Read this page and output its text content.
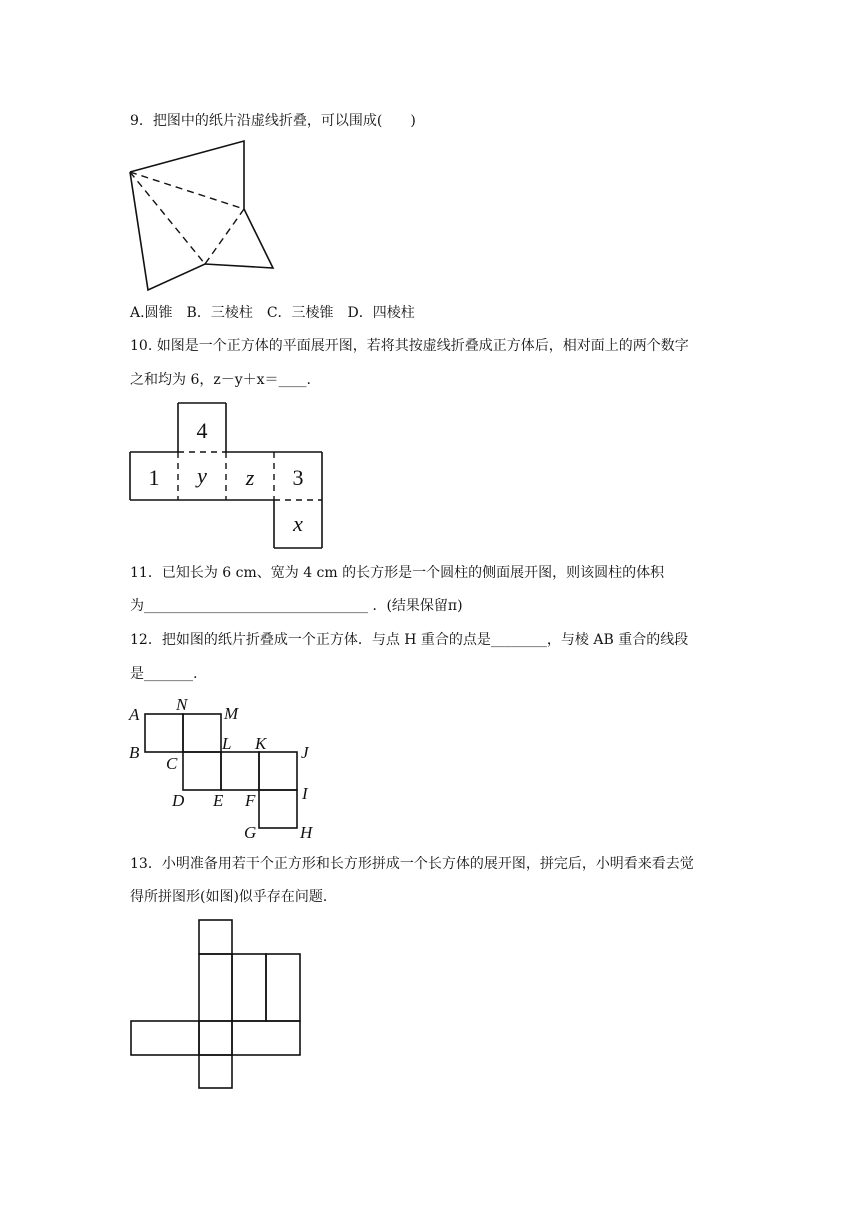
9．把图中的纸片沿虚线折叠，可以围成(　　)
A.圆锥　B．三棱柱　C．三棱锥　D．四棱柱
10. 如图是一个正方体的平面展开图，若将其按虚线折叠成正方体后，相对面上的两个数字
之和均为 6，z－y＋x＝____.
4
1 y z 3
x
11．已知长为 6 cm、宽为 4 cm 的长方形是一个圆柱的侧面展开图，则该圆柱的体积
为________________________________ ．(结果保留π)
12．把如图的纸片折叠成一个正方体．与点 H 重合的点是________，与棱 AB 重合的线段
是_______.
A
N M
B	L K J
C
I
D E F
G	H
13．小明准备用若干个正方形和长方形拼成一个长方体的展开图，拼完后，小明看来看去觉
得所拼图形(如图)似乎存在问题．
